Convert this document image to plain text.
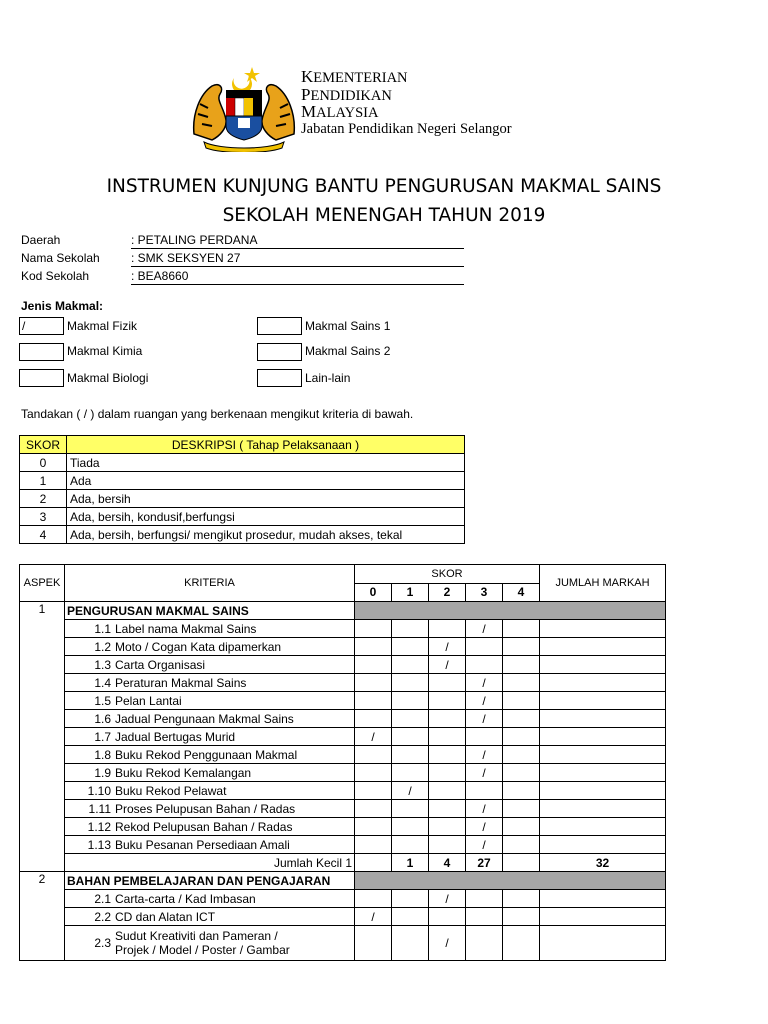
KEMENTERIAN
PENDIDIKAN
MALAYSIA
Jabatan Pendidikan Negeri Selangor
INSTRUMEN KUNJUNG BANTU PENGURUSAN MAKMAL SAINS
SEKOLAH MENENGAH TAHUN 2019
Daerah	: PETALING PERDANA
Nama Sekolah	: SMK SEKSYEN 27
Kod Sekolah	: BEA8660
Jenis Makmal:
/	Makmal Fizik
Makmal Kimia
Makmal Biologi
Makmal Sains 1
Makmal Sains 2
Lain-lain
Tandakan ( / ) dalam ruangan yang berkenaan mengikut kriteria di bawah.
SKOR	DESKRIPSI ( Tahap Pelaksanaan )
0	Tiada
1	Ada
2	Ada, bersih
3	Ada, bersih, kondusif,berfungsi
4	Ada, bersih, berfungsi/ mengikut prosedur, mudah akses, tekal
ASPEK	KRITERIA	SKOR					JUMLAH MARKAH
		0	1	2	3	4	
1	PENGURUSAN MAKMAL SAINS						
	1.1 Label nama Makmal Sains				/		
	1.2 Moto / Cogan Kata dipamerkan			/			
	1.3 Carta Organisasi			/			
	1.4 Peraturan Makmal Sains				/		
	1.5 Pelan Lantai				/		
	1.6 Jadual Pengunaan Makmal Sains				/		
	1.7 Jadual Bertugas Murid	/					
	1.8 Buku Rekod Penggunaan Makmal				/		
	1.9 Buku Rekod Kemalangan				/		
	1.10 Buku Rekod Pelawat		/				
	1.11 Proses Pelupusan Bahan / Radas				/		
	1.12 Rekod Pelupusan Bahan / Radas				/		
	1.13 Buku Pesanan Persediaan Amali				/		
	Jumlah Kecil 1		1	4	27		32
2	BAHAN PEMBELAJARAN DAN PENGAJARAN						
	2.1 Carta-carta / Kad Imbasan			/			
	2.2 CD dan Alatan ICT	/					

	2.3 Sudut Kreativiti dan Pameran /
Projek / Model / Poster / Gambar			/			
